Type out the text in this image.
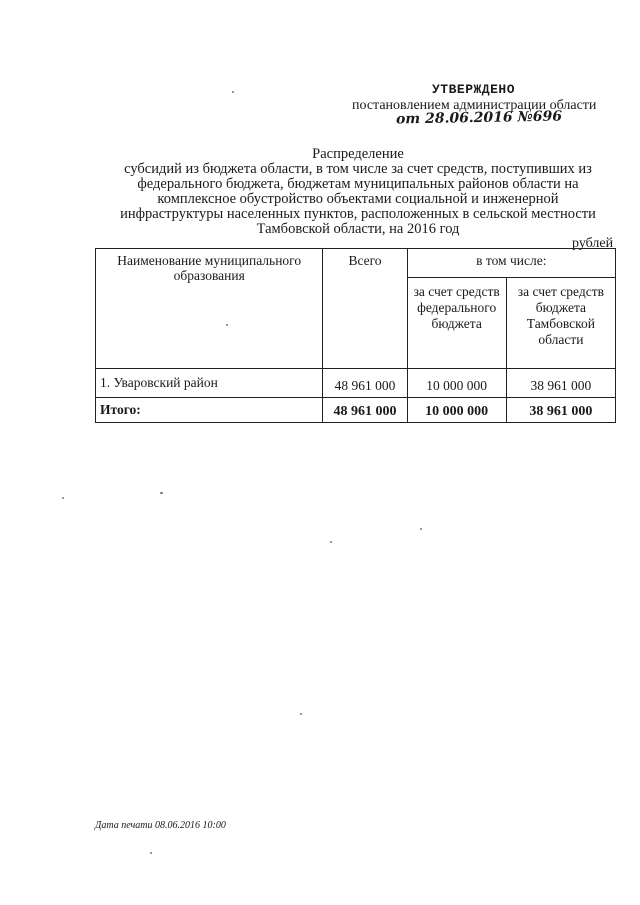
УТВЕРЖДЕНО
постановлением администрации области
от 28.06.2016 №696
Распределение
субсидий из бюджета области, в том числе за счет средств, поступивших из
федерального бюджета, бюджетам муниципальных районов области на
комплексное обустройство объектами социальной и инженерной
инфраструктуры населенных пунктов, расположенных в сельской местности
Тамбовской области, на 2016 год
рублей
Наименование муниципального образования	Всего	в том числе:	
		за счет средств федерального бюджета	за счет средств бюджета Тамбовской области

1. Уваровский район	48 961 000	10 000 000	38 961 000

Итого:	48 961 000	10 000 000	38 961 000
Дата печати 08.06.2016 10:00
